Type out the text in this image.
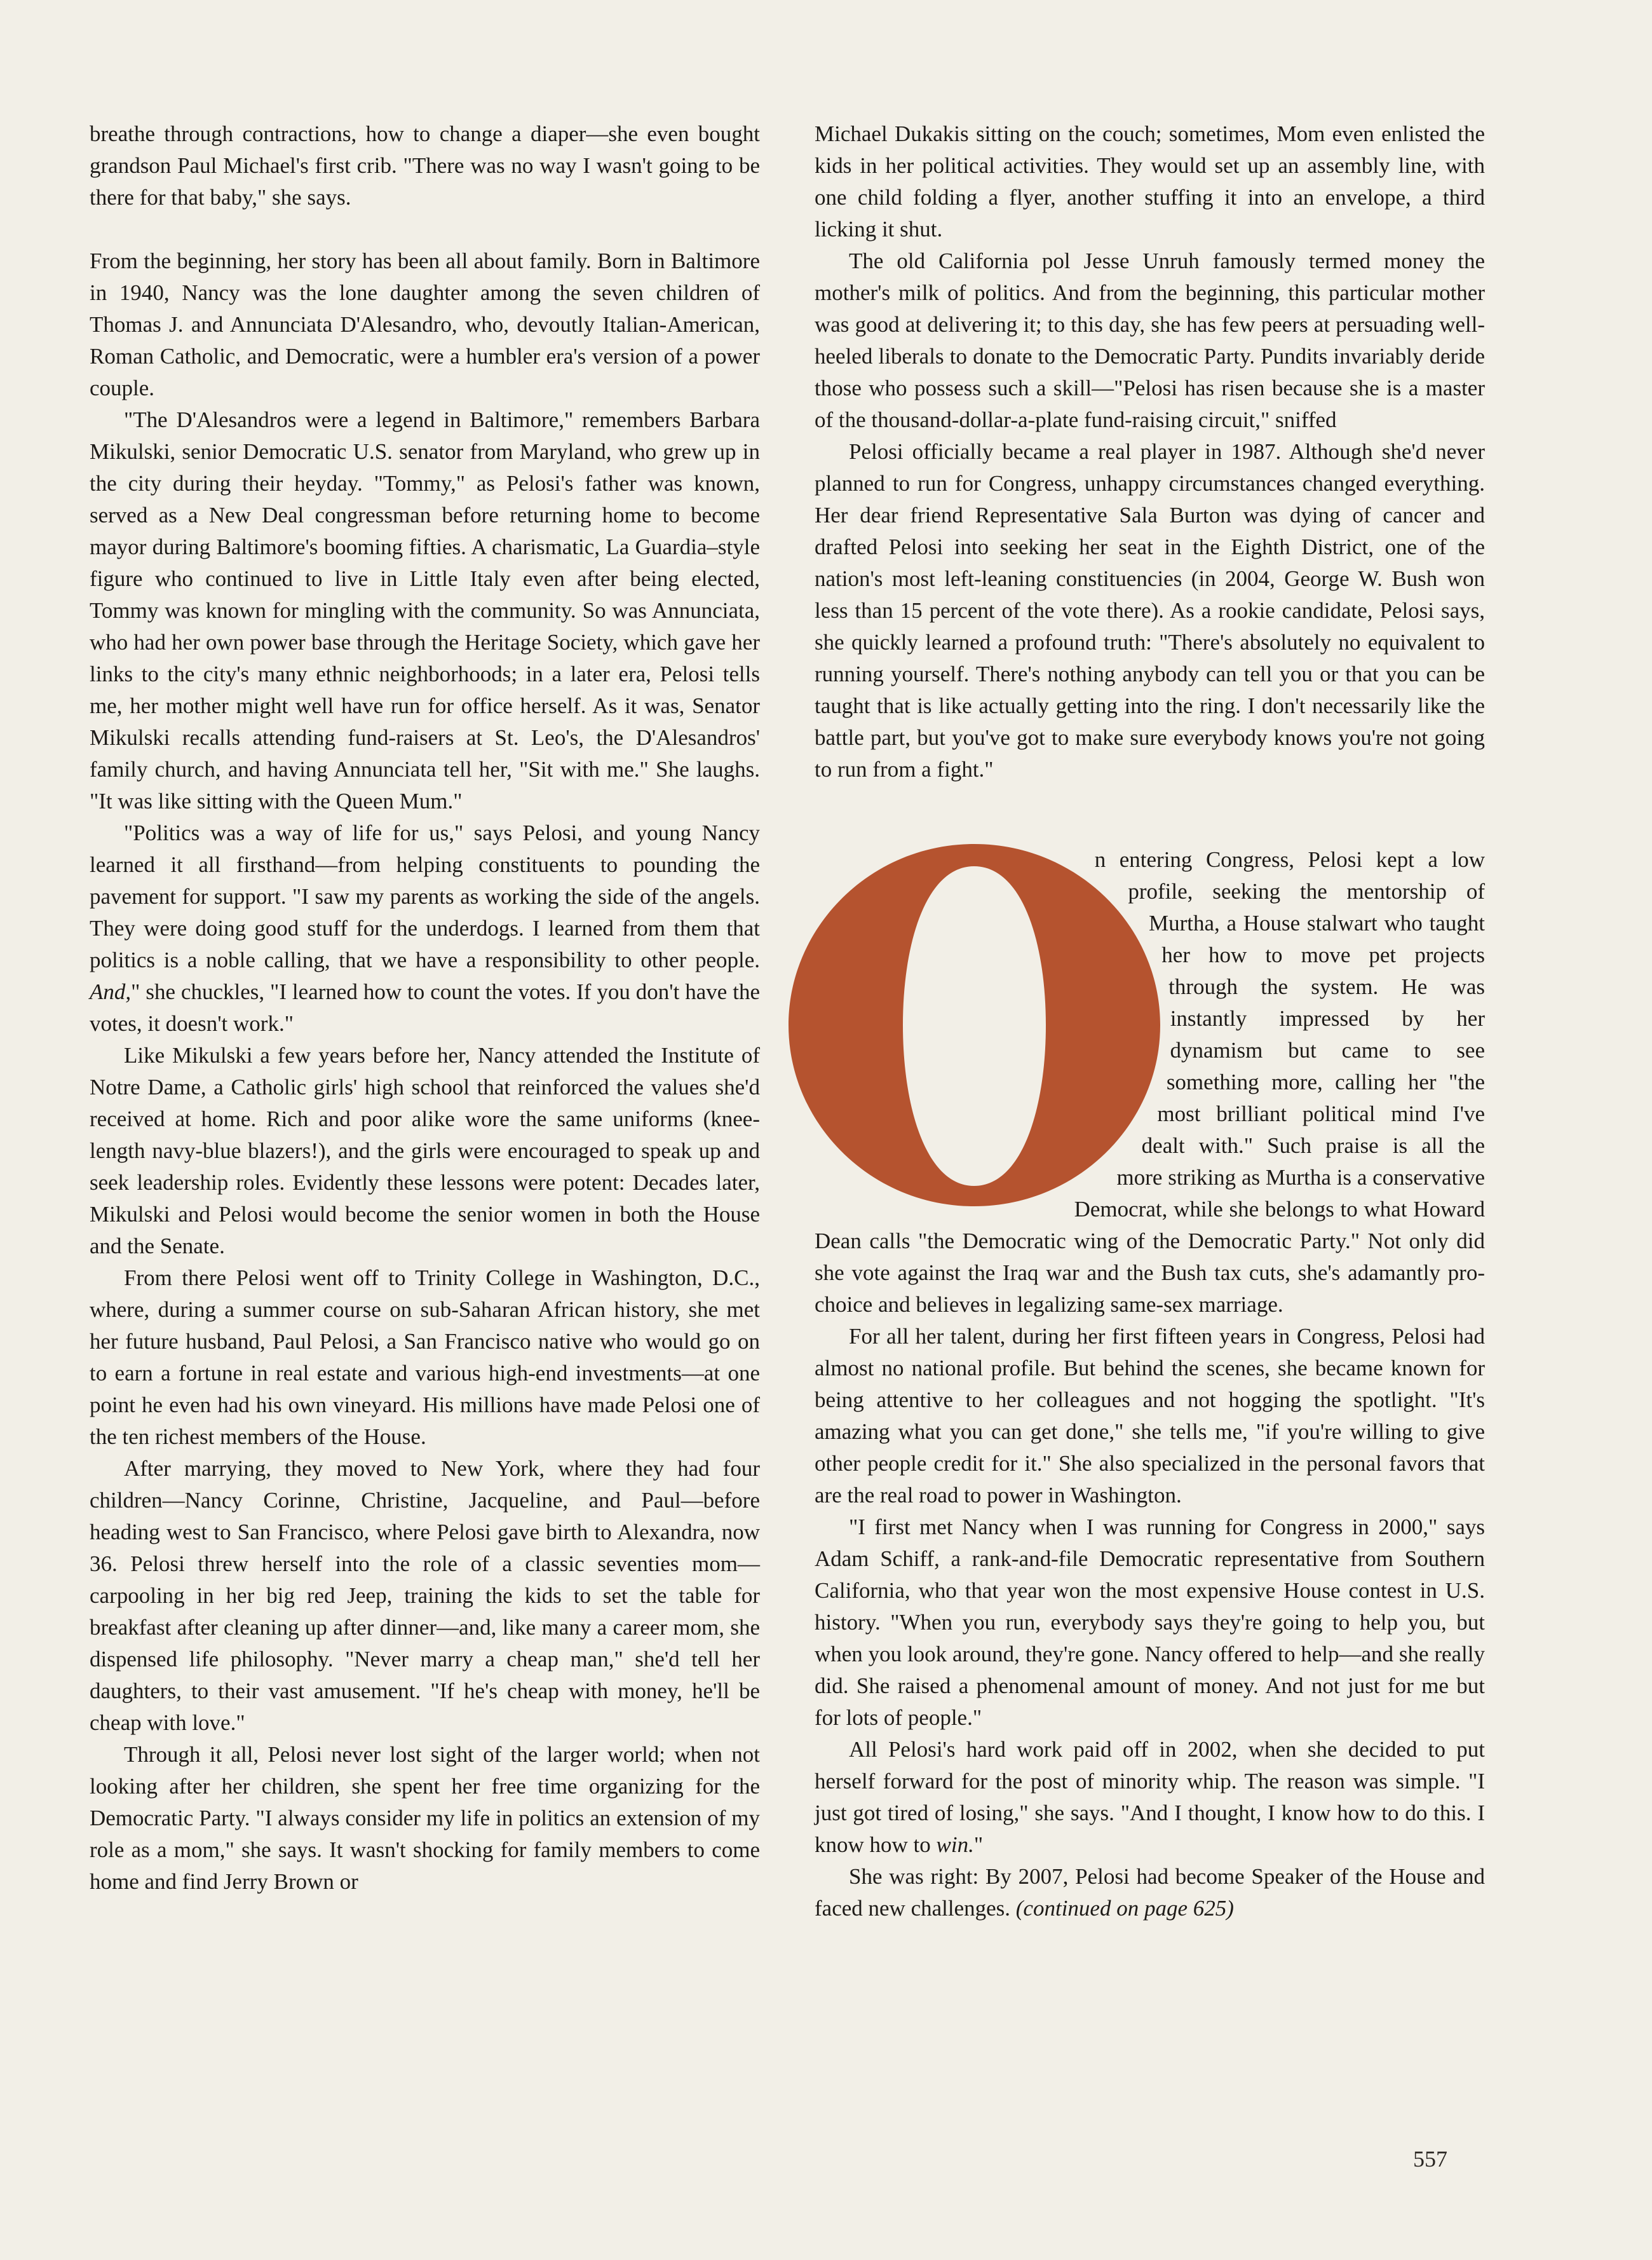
breathe through contractions, how to change a diaper—she even bought grandson Paul Michael's first crib. "There was no way I wasn't going to be there for that baby," she says.

From the beginning, her story has been all about family. Born in Baltimore in 1940, Nancy was the lone daughter among the seven children of Thomas J. and Annunciata D'Alesandro, who, devoutly Italian-American, Roman Catholic, and Democratic, were a humbler era's version of a power couple.

"The D'Alesandros were a legend in Baltimore," remembers Barbara Mikulski, senior Democratic U.S. senator from Maryland, who grew up in the city during their heyday. "Tommy," as Pelosi's father was known, served as a New Deal congressman before returning home to become mayor during Baltimore's booming fifties. A charismatic, La Guardia–style figure who continued to live in Little Italy even after being elected, Tommy was known for mingling with the community. So was Annunciata, who had her own power base through the Heritage Society, which gave her links to the city's many ethnic neighborhoods; in a later era, Pelosi tells me, her mother might well have run for office herself. As it was, Senator Mikulski recalls attending fund-raisers at St. Leo's, the D'Alesandros' family church, and having Annunciata tell her, "Sit with me." She laughs. "It was like sitting with the Queen Mum."

"Politics was a way of life for us," says Pelosi, and young Nancy learned it all firsthand—from helping constituents to pounding the pavement for support. "I saw my parents as working the side of the angels. They were doing good stuff for the underdogs. I learned from them that politics is a noble calling, that we have a responsibility to other people. And," she chuckles, "I learned how to count the votes. If you don't have the votes, it doesn't work."

Like Mikulski a few years before her, Nancy attended the Institute of Notre Dame, a Catholic girls' high school that reinforced the values she'd received at home. Rich and poor alike wore the same uniforms (knee-length navy-blue blazers!), and the girls were encouraged to speak up and seek leadership roles. Evidently these lessons were potent: Decades later, Mikulski and Pelosi would become the senior women in both the House and the Senate.

From there Pelosi went off to Trinity College in Washington, D.C., where, during a summer course on sub-Saharan African history, she met her future husband, Paul Pelosi, a San Francisco native who would go on to earn a fortune in real estate and various high-end investments—at one point he even had his own vineyard. His millions have made Pelosi one of the ten richest members of the House.

After marrying, they moved to New York, where they had four children—Nancy Corinne, Christine, Jacqueline, and Paul—before heading west to San Francisco, where Pelosi gave birth to Alexandra, now 36. Pelosi threw herself into the role of a classic seventies mom—carpooling in her big red Jeep, training the kids to set the table for breakfast after cleaning up after dinner—and, like many a career mom, she dispensed life philosophy. "Never marry a cheap man," she'd tell her daughters, to their vast amusement. "If he's cheap with money, he'll be cheap with love."

Through it all, Pelosi never lost sight of the larger world; when not looking after her children, she spent her free time organizing for the Democratic Party. "I always consider my life in politics an extension of my role as a mom," she says. It wasn't shocking for family members to come home and find Jerry Brown or

Michael Dukakis sitting on the couch; sometimes, Mom even enlisted the kids in her political activities. They would set up an assembly line, with one child folding a flyer, another stuffing it into an envelope, a third licking it shut.

The old California pol Jesse Unruh famously termed money the mother's milk of politics. And from the beginning, this particular mother was good at delivering it; to this day, she has few peers at persuading well-heeled liberals to donate to the Democratic Party. Pundits invariably deride those who possess such a skill—"Pelosi has risen because she is a master of the thousand-dollar-a-plate fund-raising circuit," sniffed

Pelosi officially became a real player in 1987. Although she'd never planned to run for Congress, unhappy circumstances changed everything. Her dear friend Representative Sala Burton was dying of cancer and drafted Pelosi into seeking her seat in the Eighth District, one of the nation's most left-leaning constituencies (in 2004, George W. Bush won less than 15 percent of the vote there). As a rookie candidate, Pelosi says, she quickly learned a profound truth: "There's absolutely no equivalent to running yourself. There's nothing anybody can tell you or that you can be taught that is like actually getting into the ring. I don't necessarily like the battle part, but you've got to make sure everybody knows you're not going to run from a fight."

n entering Congress, Pelosi kept a low profile, seeking the mentorship of Murtha, a House stalwart who taught her how to move pet projects through the system. He was instantly impressed by her dynamism but came to see something more, calling her "the most brilliant political mind I've dealt with." Such praise is all the more striking as Murtha is a conservative Democrat, while she belongs to what Howard Dean calls "the Democratic wing of the Democratic Party." Not only did she vote against the Iraq war and the Bush tax cuts, she's adamantly pro-choice and believes in legalizing same-sex marriage.

For all her talent, during her first fifteen years in Congress, Pelosi had almost no national profile. But behind the scenes, she became known for being attentive to her colleagues and not hogging the spotlight. "It's amazing what you can get done," she tells me, "if you're willing to give other people credit for it." She also specialized in the personal favors that are the real road to power in Washington.

"I first met Nancy when I was running for Congress in 2000," says Adam Schiff, a rank-and-file Democratic representative from Southern California, who that year won the most expensive House contest in U.S. history. "When you run, everybody says they're going to help you, but when you look around, they're gone. Nancy offered to help—and she really did. She raised a phenomenal amount of money. And not just for me but for lots of people."

All Pelosi's hard work paid off in 2002, when she decided to put herself forward for the post of minority whip. The reason was simple. "I just got tired of losing," she says. "And I thought, I know how to do this. I know how to win."

She was right: By 2007, Pelosi had become Speaker of the House and faced new challenges. (continued on page 625)

557
